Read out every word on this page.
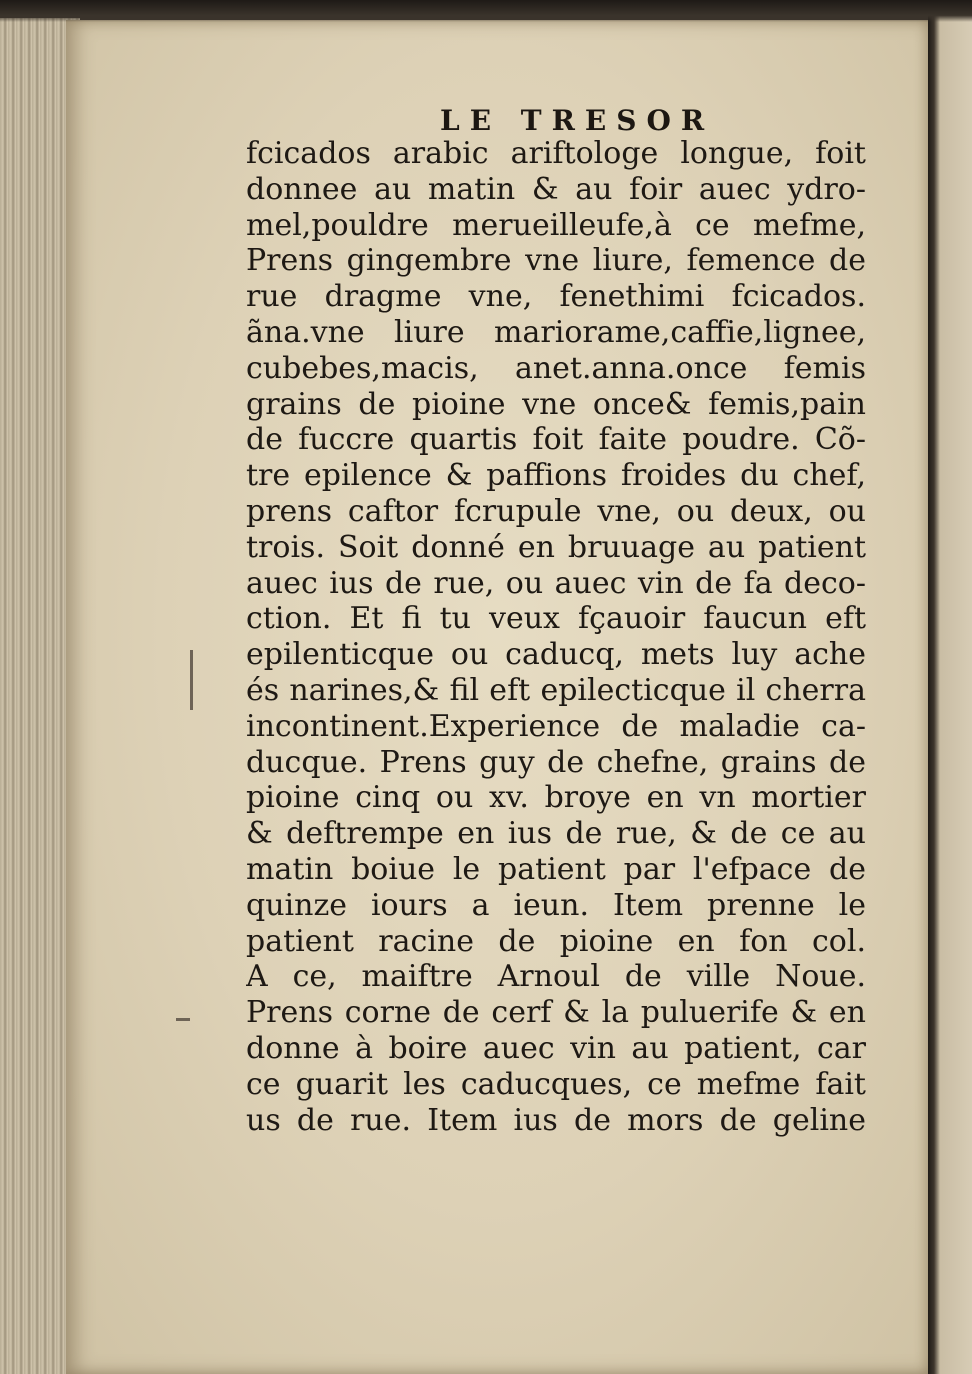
LE TRESOR
fcicados arabic ariftologe longue, foit
donnee au matin & au foir auec ydro-
mel,pouldre merueilleufe,à ce mefme,
Prens gingembre vne liure, femence de
rue dragme vne, fenethimi fcicados.
ãna.vne liure mariorame,caffie,lignee,
cubebes,macis, anet.anna.once femis
grains de pioine vne once& femis,pain
de fuccre quartis foit faite poudre. Cõ-
tre epilence & paffions froides du chef,
prens caftor fcrupule vne, ou deux, ou
trois. Soit donné en bruuage au patient
auec ius de rue, ou auec vin de fa deco-
ction. Et fi tu veux fçauoir faucun eft
epilenticque ou caducq, mets luy ache
és narines,& fil eft epilecticque il cherra
incontinent.Experience de maladie ca-
ducque. Prens guy de chefne, grains de
pioine cinq ou xv. broye en vn mortier
& deftrempe en ius de rue, & de ce au
matin boiue le patient par l'efpace de
quinze iours a ieun. Item prenne le
patient racine de pioine en fon col.
A ce, maiftre Arnoul de ville Noue.
Prens corne de cerf & la puluerife & en
donne à boire auec vin au patient, car
ce guarit les caducques, ce mefme fait
us de rue. Item ius de mors de geline
